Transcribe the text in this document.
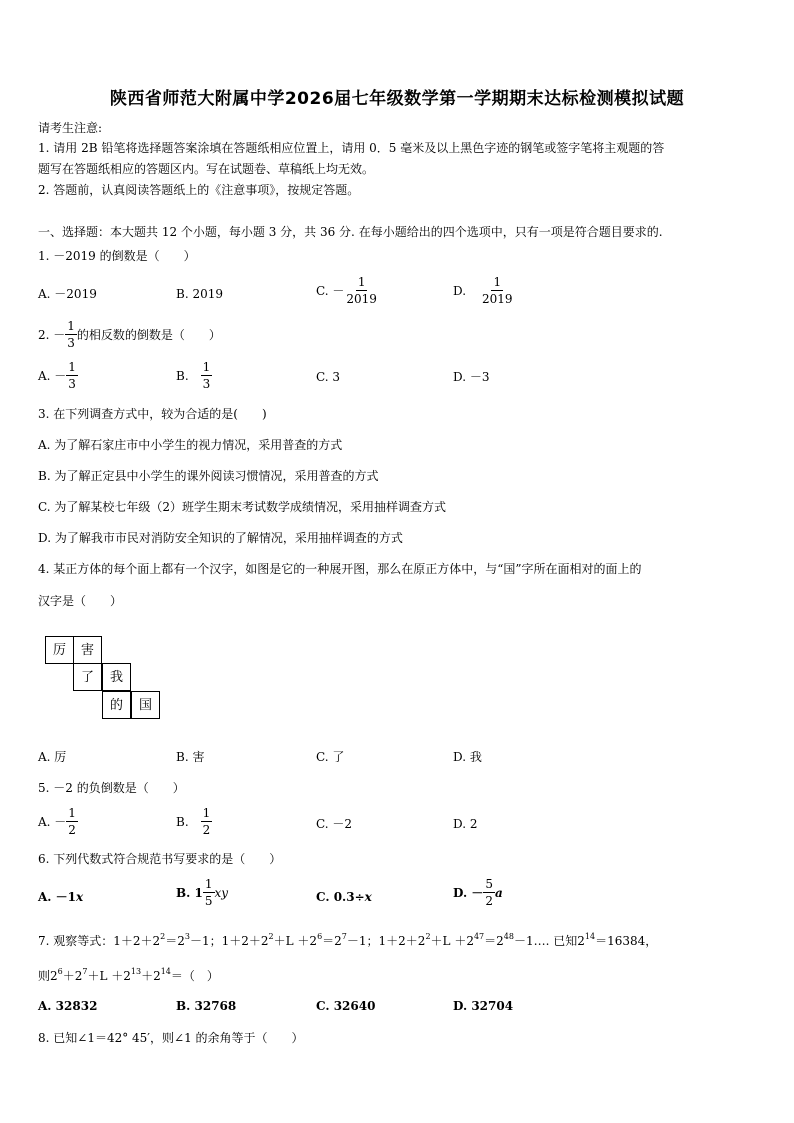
陕西省师范大附属中学2026届七年级数学第一学期期末达标检测模拟试题
请考生注意:
1. 请用 2B 铅笔将选择题答案涂填在答题纸相应位置上，请用 0．5 毫米及以上黑色字迹的钢笔或签字笔将主观题的答
题写在答题纸相应的答题区内。写在试题卷、草稿纸上均无效。
2. 答题前，认真阅读答题纸上的《注意事项》，按规定答题。
一、选择题：本大题共 12 个小题，每小题 3 分，共 36 分. 在每小题给出的四个选项中，只有一项是符合题目要求的.
1. －2019 的倒数是（　　）
A. －2019	B. 2019	C. － $\frac{1}{2019}$	D. $\frac{1}{2019}$
2. － $\frac{1}{3}$ 的相反数的倒数是（　　）
A. － $\frac{1}{3}$	B. $\frac{1}{3}$	C. 3	D. －3
3. 在下列调查方式中，较为合适的是(　　)
A. 为了解石家庄市中小学生的视力情况，采用普查的方式
B. 为了解正定县中小学生的课外阅读习惯情况，采用普查的方式
C. 为了解某校七年级（2）班学生期末考试数学成绩情况，采用抽样调查方式
D. 为了解我市市民对消防安全知识的了解情况，采用抽样调查的方式
4. 某正方体的每个面上都有一个汉字，如图是它的一种展开图，那么在原正方体中，与“国”字所在面相对的面上的
汉字是（　　）
厉	害
了	我
的	国
A. 厉	B. 害	C. 了	D. 我
5. －2 的负倒数是（　　）
A. － $\frac{1}{2}$	B. $\frac{1}{2}$	C. －2	D. 2
6. 下列代数式符合规范书写要求的是（　　）
A. －1x	B. $1 \frac{1}{5}$ xy	C. 0.3÷x	D. － $\frac{5}{2}$ a
7. 观察等式：$1+2+2^2=2^3-1$；$1+2+2^2+L +2^6=2^7-1$；$1+2+2^2+L$ $+2^{47}=2^{48}-1\dots$. 已知$2^{14}=16384$，
则$2^6+2^7+L +2^{13}+2^{14}=$（　）
A. 32832	B. 32768	C. 32640	D. 32704
8. 已知∠1＝42° 45′，则∠1 的余角等于（　　）
